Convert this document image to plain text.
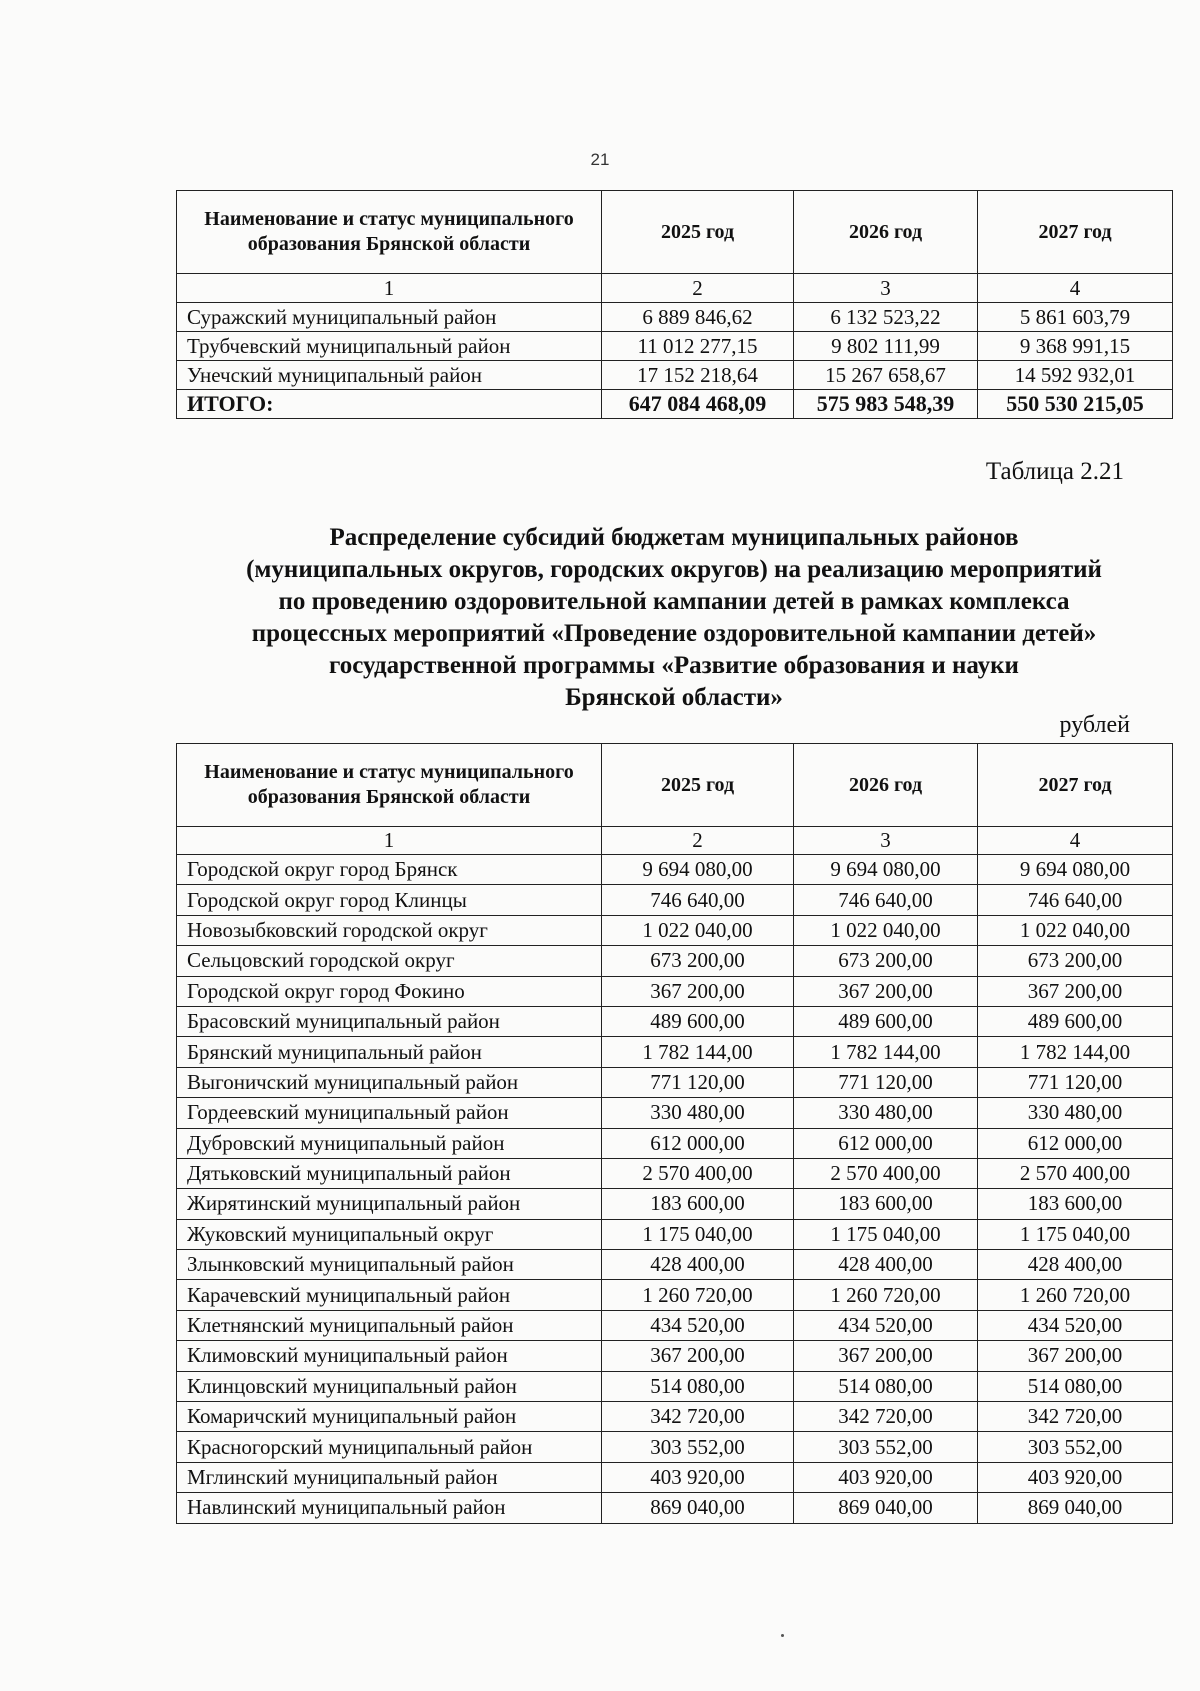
21
Наименование и статус муниципального образования Брянской области	2025 год	2026 год	2027 год
1	2	3	4
Суражский муниципальный район	6 889 846,62	6 132 523,22	5 861 603,79
Трубчевский муниципальный район	11 012 277,15	9 802 111,99	9 368 991,15
Унечский муниципальный район	17 152 218,64	15 267 658,67	14 592 932,01
ИТОГО:	647 084 468,09	575 983 548,39	550 530 215,05
Таблица 2.21
Распределение субсидий бюджетам муниципальных районов
(муниципальных округов, городских округов) на реализацию мероприятий
по проведению оздоровительной кампании детей в рамках комплекса
процессных мероприятий «Проведение оздоровительной кампании детей»
государственной программы «Развитие образования и науки
Брянской области»
рублей
Наименование и статус муниципального образования Брянской области	2025 год	2026 год	2027 год
1	2	3	4
Городской округ город Брянск	9 694 080,00	9 694 080,00	9 694 080,00
Городской округ город Клинцы	746 640,00	746 640,00	746 640,00
Новозыбковский городской округ	1 022 040,00	1 022 040,00	1 022 040,00
Сельцовский городской округ	673 200,00	673 200,00	673 200,00
Городской округ город Фокино	367 200,00	367 200,00	367 200,00
Брасовский муниципальный район	489 600,00	489 600,00	489 600,00
Брянский муниципальный район	1 782 144,00	1 782 144,00	1 782 144,00
Выгоничский муниципальный район	771 120,00	771 120,00	771 120,00
Гордеевский муниципальный район	330 480,00	330 480,00	330 480,00
Дубровский муниципальный район	612 000,00	612 000,00	612 000,00
Дятьковский муниципальный район	2 570 400,00	2 570 400,00	2 570 400,00
Жирятинский муниципальный район	183 600,00	183 600,00	183 600,00
Жуковский муниципальный округ	1 175 040,00	1 175 040,00	1 175 040,00
Злынковский муниципальный район	428 400,00	428 400,00	428 400,00
Карачевский муниципальный район	1 260 720,00	1 260 720,00	1 260 720,00
Клетнянский муниципальный район	434 520,00	434 520,00	434 520,00
Климовский муниципальный район	367 200,00	367 200,00	367 200,00
Клинцовский муниципальный район	514 080,00	514 080,00	514 080,00
Комаричский муниципальный район	342 720,00	342 720,00	342 720,00
Красногорский муниципальный район	303 552,00	303 552,00	303 552,00
Мглинский муниципальный район	403 920,00	403 920,00	403 920,00
Навлинский муниципальный район	869 040,00	869 040,00	869 040,00
